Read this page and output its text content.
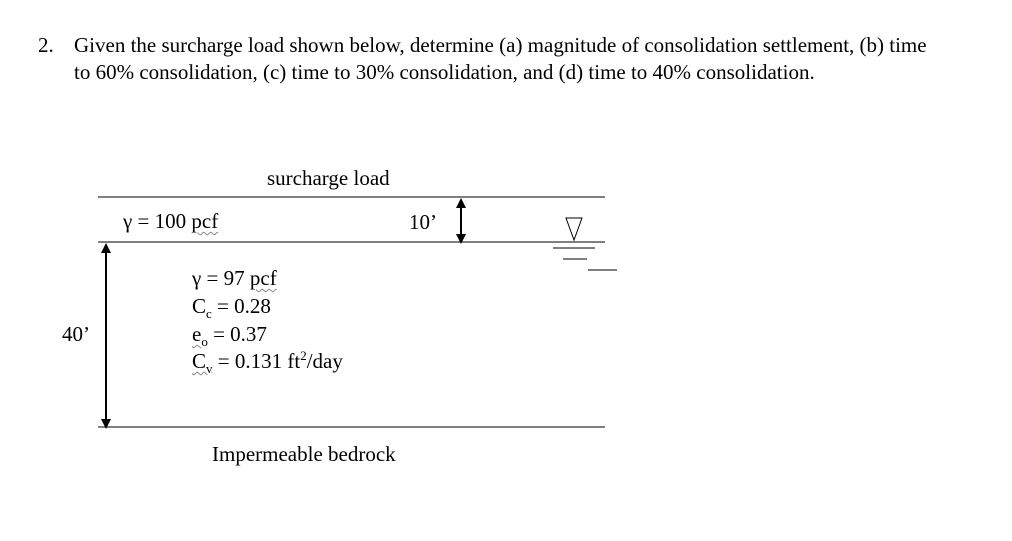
2. Given the surcharge load shown below, determine (a) magnitude of consolidation settlement, (b) time to 60% consolidation, (c) time to 30% consolidation, and (d) time to 40% consolidation.
surcharge load
γ = 100 pcf	10’
γ = 97 pcf
$C_c = 0.28$
$e_o = 0.37$
$C_v = 0.131$ $ft^2$/day
40’
Impermeable bedrock
